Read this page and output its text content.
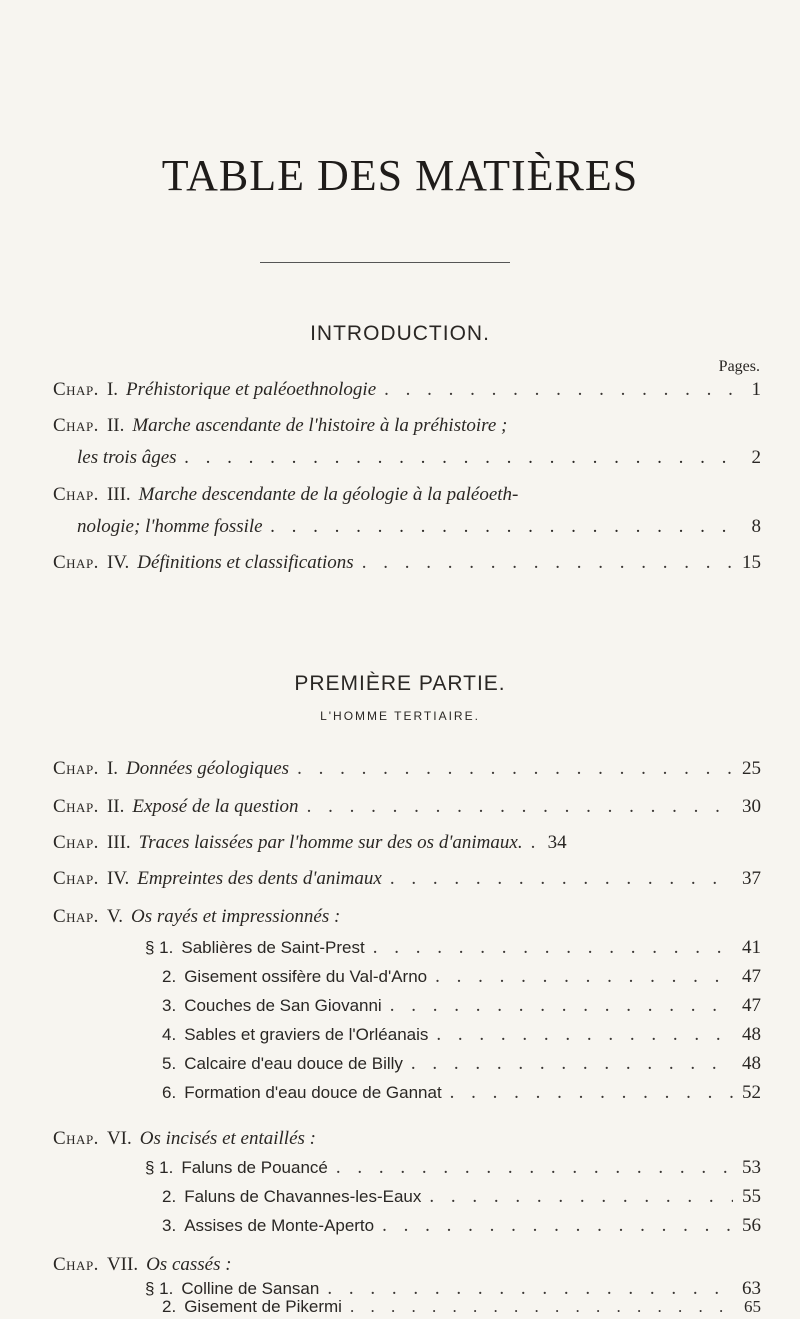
TABLE DES MATIÈRES
INTRODUCTION.
Pages.
Chap. I. Préhistorique et paléoethnologie . . .	1
Chap. II. Marche ascendante de l'histoire à la préhistoire ;
les trois âges . . .	2
Chap. III. Marche descendante de la géologie à la paléoeth-
nologie; l'homme fossile . . .	8
Chap. IV. Définitions et classifications . . .	15
PREMIÈRE PARTIE.
L'HOMME TERTIAIRE.
Chap. I. Données géologiques . . .	25
Chap. II. Exposé de la question . . .	30
Chap. III. Traces laissées par l'homme sur des os d'animaux. . . . 34
Chap. IV. Empreintes des dents d'animaux . . .	37
Chap. V. Os rayés et impressionnés :
§ 1. Sablières de Saint-Prest . . .	41
2. Gisement ossifère du Val-d'Arno . . .	47
3. Couches de San Giovanni . . .	47
4. Sables et graviers de l'Orléanais . . .	48
5. Calcaire d'eau douce de Billy . . .	48
6. Formation d'eau douce de Gannat . . .	52
Chap. VI. Os incisés et entaillés :
§ 1. Faluns de Pouancé . . .	53
2. Faluns de Chavannes-les-Eaux . . .	55
3. Assises de Monte-Aperto . . .	56
Chap. VII. Os cassés :
§ 1. Colline de Sansan . . .	63
2. Gisement de Pikermi . . .	65
